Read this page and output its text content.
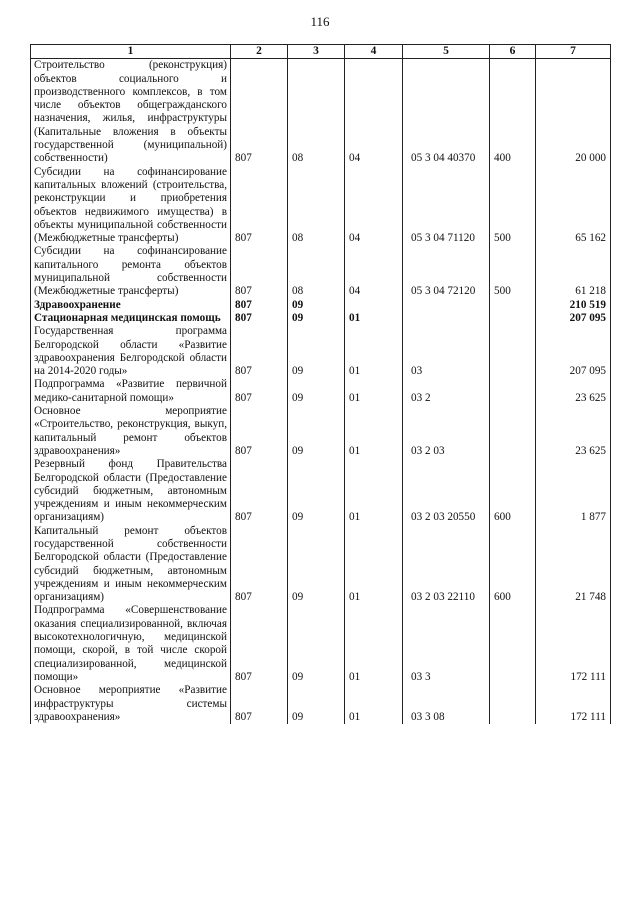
116
1	2	3	4	5	6	7
Строительство (реконструкция) объектов социального и производственного комплексов, в том числе объектов общегражданского назначения, жилья, инфраструктуры (Капитальные вложения в объекты государственной (муниципальной) собственности)	807	08	04	05 3 04 40370	400	20 000
Субсидии на софинансирование капитальных вложений (строительства, реконструкции и приобретения объектов недвижимого имущества) в объекты муниципальной собственности (Межбюджетные трансферты)	807	08	04	05 3 04 71120	500	65 162
Субсидии на софинансирование капитального ремонта объектов муниципальной собственности (Межбюджетные трансферты)	807	08	04	05 3 04 72120	500	61 218
Здравоохранение	807	09				210 519
Стационарная медицинская помощь	807	09	01			207 095
Государственная программа Белгородской области «Развитие здравоохранения Белгородской области на 2014-2020 годы»	807	09	01	03		207 095
Подпрограмма «Развитие первичной медико-санитарной помощи»	807	09	01	03 2		23 625
Основное мероприятие «Строительство, реконструкция, выкуп, капитальный ремонт объектов здравоохранения»	807	09	01	03 2 03		23 625
Резервный фонд Правительства Белгородской области (Предоставление субсидий бюджетным, автономным учреждениям и иным некоммерческим организациям)	807	09	01	03 2 03 20550	600	1 877
Капитальный ремонт объектов государственной собственности Белгородской области (Предоставление субсидий бюджетным, автономным учреждениям и иным некоммерческим организациям)	807	09	01	03 2 03 22110	600	21 748
Подпрограмма «Совершенствование оказания специализированной, включая высокотехнологичную, медицинской помощи, скорой, в той числе скорой специализированной, медицинской помощи»	807	09	01	03 3		172 111
Основное мероприятие «Развитие инфраструктуры системы здравоохранения»	807	09	01	03 3 08		172 111
